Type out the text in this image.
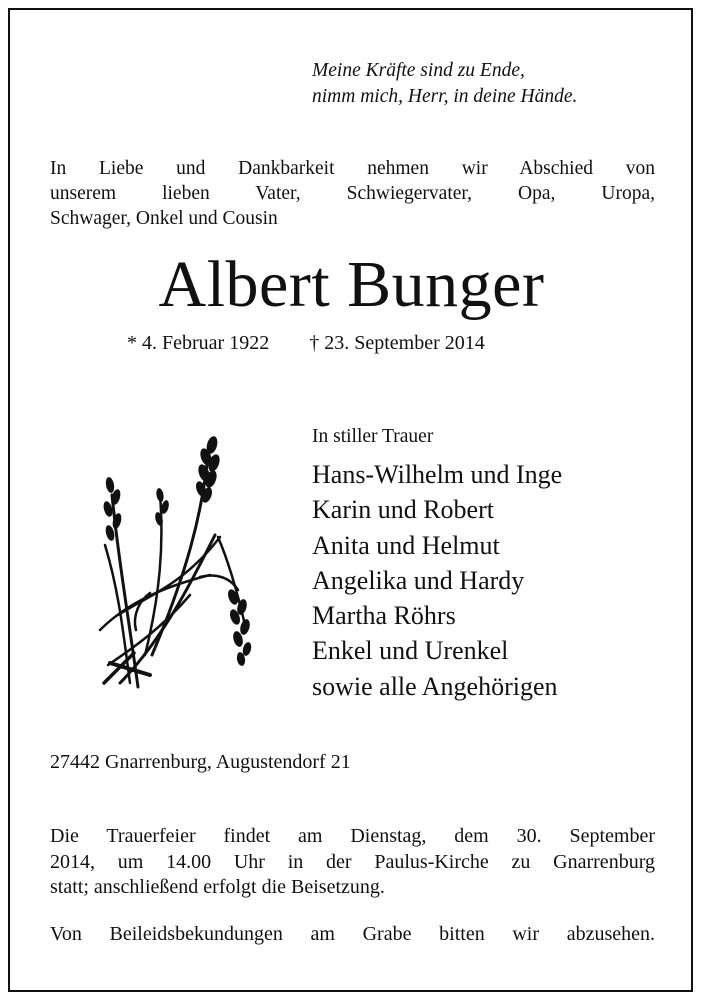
Meine Kräfte sind zu Ende,
nimm mich, Herr, in deine Hände.
In Liebe und Dankbarkeit nehmen wir Abschied von
unserem lieben Vater, Schwiegervater, Opa, Uropa,
Schwager, Onkel und Cousin
Albert Bunger
* 4. Februar 1922 † 23. September 2014
In stiller Trauer
Hans-Wilhelm und Inge
Karin und Robert
Anita und Helmut
Angelika und Hardy
Martha Röhrs
Enkel und Urenkel
sowie alle Angehörigen
27442 Gnarrenburg, Augustendorf 21
Die Trauerfeier findet am Dienstag, dem 30. September
2014, um 14.00 Uhr in der Paulus-Kirche zu Gnarrenburg
statt; anschließend erfolgt die Beisetzung.
Von Beileidsbekundungen am Grabe bitten wir abzusehen.
